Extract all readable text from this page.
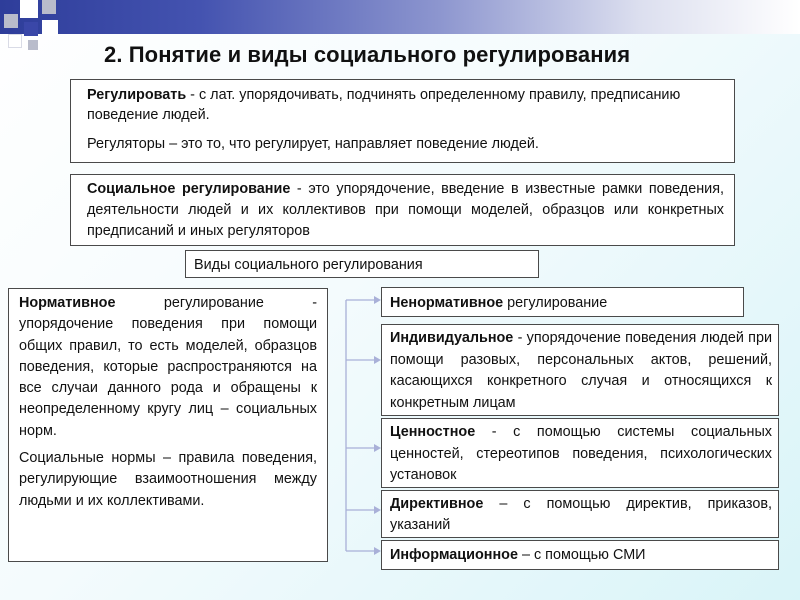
2. Понятие и виды социального регулирования

Регулировать - с лат. упорядочивать, подчинять определенному правилу, предписанию поведение людей.

Регуляторы – это то, что регулирует, направляет поведение людей.

Социальное регулирование - это упорядочение, введение в известные рамки поведения, деятельности людей и их коллективов при помощи моделей, образцов или конкретных предписаний и иных регуляторов
Виды социального регулирования

Нормативное регулирование - упорядочение поведения при помощи общих правил, то есть моделей, образцов поведения, которые распространяются на все случаи данного рода и обращены к неопределенному кругу лиц – социальных норм.

Социальные нормы – правила поведения, регулирующие взаимоотношения между людьми и их коллективами.

Ненормативное регулирование
Индивидуальное - упорядочение поведения людей при помощи разовых, персональных актов, решений, касающихся конкретного случая и относящихся к конкретным лицам
Ценностное - с помощью системы социальных ценностей, стереотипов поведения, психологических установок
Директивное – с помощью директив, приказов, указаний
Информационное – с помощью СМИ
